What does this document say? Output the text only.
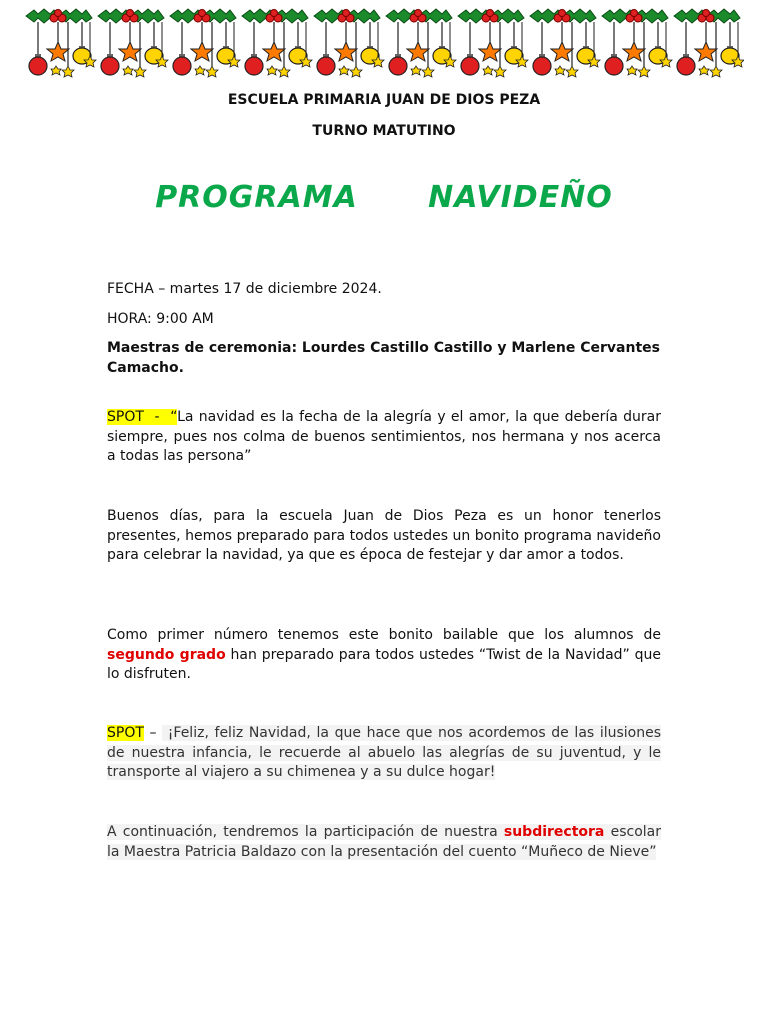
ESCUELA PRIMARIA JUAN DE DIOS PEZA
TURNO MATUTINO
PROGRAMA   NAVIDEÑO
FECHA – martes 17 de diciembre 2024.
HORA: 9:00 AM
Maestras de ceremonia: Lourdes Castillo Castillo y Marlene Cervantes Camacho.
SPOT  -  “La navidad es la fecha de la alegría y el amor, la que debería durar siempre, pues nos colma de buenos sentimientos, nos hermana y nos acerca a todas las persona”
Buenos días, para la escuela Juan de Dios Peza es un honor tenerlos presentes, hemos preparado para todos ustedes un bonito programa navideño para celebrar la navidad, ya que es época de festejar y dar amor a todos.
Como primer número tenemos este bonito bailable que los alumnos de segundo grado han preparado para todos ustedes “Twist de la Navidad” que lo disfruten.
SPOT –  ¡Feliz, feliz Navidad, la que hace que nos acordemos de las ilusiones de nuestra infancia, le recuerde al abuelo las alegrías de su juventud, y le transporte al viajero a su chimenea y a su dulce hogar!
A continuación, tendremos la participación de nuestra subdirectora escolar la Maestra Patricia Baldazo con la presentación del cuento “Muñeco de Nieve”
